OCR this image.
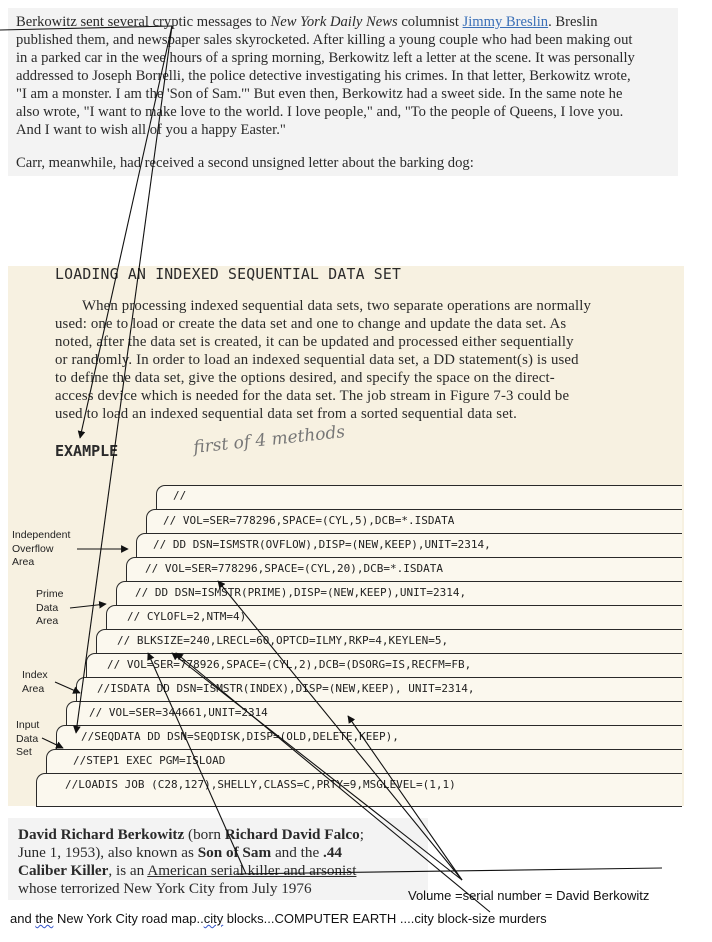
Berkowitz sent several cryptic messages to New York Daily News columnist Jimmy Breslin. Breslin
published them, and newspaper sales skyrocketed. After killing a young couple who had been making out
in a parked car in the wee hours of a spring morning, Berkowitz left a letter at the scene. It was personally
addressed to Joseph Borrelli, the police detective investigating his crimes. In that letter, Berkowitz wrote,
"I am a monster. I am the 'Son of Sam.'" But even then, Berkowitz had a sweet side. In the same note he
also wrote, "I want to make love to the world. I love people," and, "To the people of Queens, I love you.
And I want to wish all of you a happy Easter."
Carr, meanwhile, had received a second unsigned letter about the barking dog:
LOADING AN INDEXED SEQUENTIAL DATA SET
When processing indexed sequential data sets, two separate operations are normally
used: one to load or create the data set and one to change and update the data set. As
noted, after the data set is created, it can be updated and processed either sequentially
or randomly. In order to load an indexed sequential data set, a DD statement(s) is used
to define the data set, give the options desired, and specify the space on the direct-
access device which is needed for the data set. The job stream in Figure 7-3 could be
used to load an indexed sequential data set from a sorted sequential data set.
EXAMPLE	first of 4 methods
//
// VOL=SER=778296,SPACE=(CYL,5),DCB=*.ISDATA
// DD DSN=ISMSTR(OVFLOW),DISP=(NEW,KEEP),UNIT=2314,
// VOL=SER=778296,SPACE=(CYL,20),DCB=*.ISDATA
// DD DSN=ISMSTR(PRIME),DISP=(NEW,KEEP),UNIT=2314,
// CYLOFL=2,NTM=4)
// BLKSIZE=240,LRECL=60,OPTCD=ILMY,RKP=4,KEYLEN=5,
// VOL=SER=778926,SPACE=(CYL,2),DCB=(DSORG=IS,RECFM=FB,
//ISDATA DD DSN=ISMSTR(INDEX),DISP=(NEW,KEEP), UNIT=2314,
// VOL=SER=344661,UNIT=2314
//SEQDATA DD DSN=SEQDISK,DISP=(OLD,DELETE,KEEP),
//STEP1 EXEC PGM=ISLOAD
//LOADIS JOB (C28,127),SHELLY,CLASS=C,PRTY=9,MSGLEVEL=(1,1)
Independent
Overflow
Area
Prime
Data
Area
Index
Area
Input
Data
Set
David Richard Berkowitz (born Richard David Falco;
June 1, 1953), also known as Son of Sam and the .44
Caliber Killer, is an American serial killer and arsonist
whose terrorized New York City from July 1976	Volume =serial number = David Berkowitz
and the New York City road map..city blocks...COMPUTER EARTH ....city block-size murders
